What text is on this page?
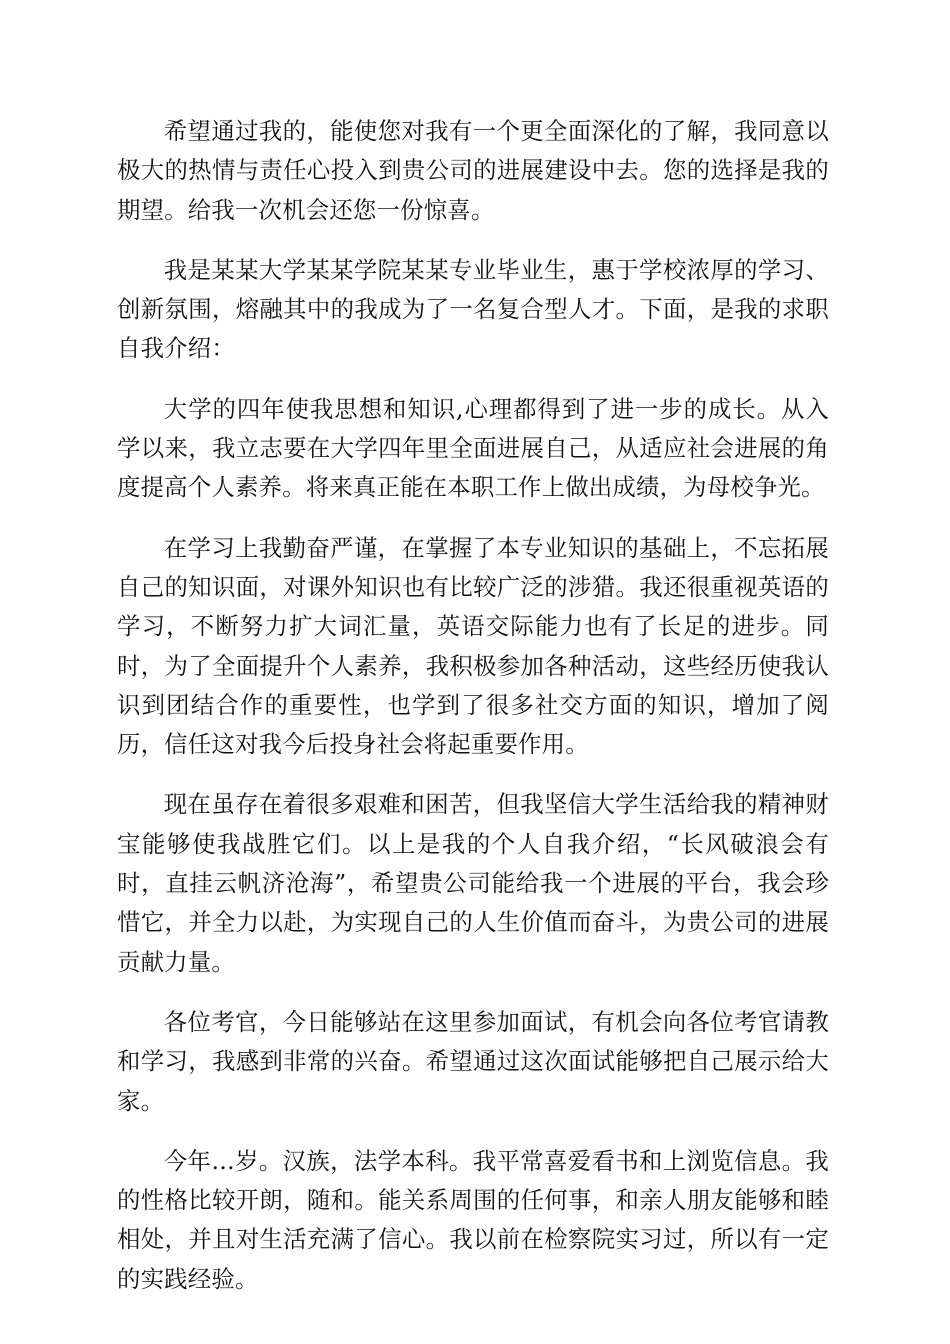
希望通过我的，能使您对我有一个更全面深化的了解，我同意以极大的热情与责任心投入到贵公司的进展建设中去。您的选择是我的期望。给我一次机会还您一份惊喜。

我是某某大学某某学院某某专业毕业生，惠于学校浓厚的学习、创新氛围，熔融其中的我成为了一名复合型人才。下面，是我的求职自我介绍：

大学的四年使我思想和知识,心理都得到了进一步的成长。从入学以来，我立志要在大学四年里全面进展自己，从适应社会进展的角度提高个人素养。将来真正能在本职工作上做出成绩，为母校争光。

在学习上我勤奋严谨，在掌握了本专业知识的基础上，不忘拓展自己的知识面，对课外知识也有比较广泛的涉猎。我还很重视英语的学习，不断努力扩大词汇量，英语交际能力也有了长足的进步。同时，为了全面提升个人素养，我积极参加各种活动，这些经历使我认识到团结合作的重要性，也学到了很多社交方面的知识，增加了阅历，信任这对我今后投身社会将起重要作用。

现在虽存在着很多艰难和困苦，但我坚信大学生活给我的精神财宝能够使我战胜它们。以上是我的个人自我介绍，“长风破浪会有时，直挂云帆济沧海”，希望贵公司能给我一个进展的平台，我会珍惜它，并全力以赴，为实现自己的人生价值而奋斗，为贵公司的进展贡献力量。

各位考官，今日能够站在这里参加面试，有机会向各位考官请教和学习，我感到非常的兴奋。希望通过这次面试能够把自己展示给大家。

今年…岁。汉族，法学本科。我平常喜爱看书和上浏览信息。我的性格比较开朗，随和。能关系周围的任何事，和亲人朋友能够和睦相处，并且对生活充满了信心。我以前在检察院实习过，所以有一定的实践经验。
